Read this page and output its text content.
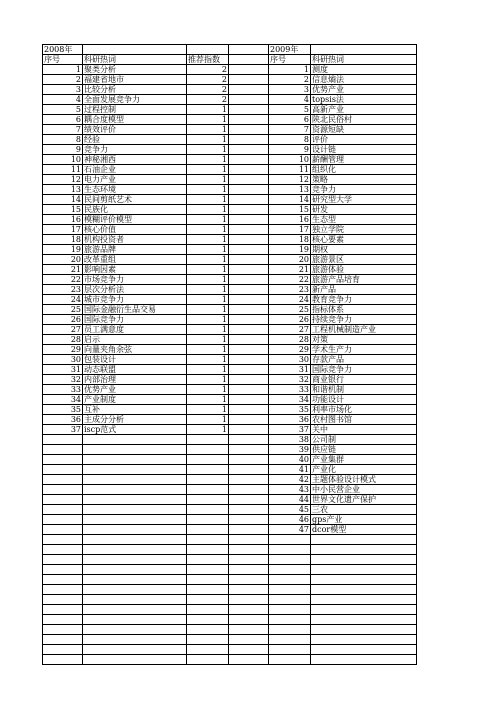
2008年				2009年	
序号	科研热词	推荐指数		序号	科研热词
1	聚类分析	2		1	测度
2	福建省地市	2		2	信息熵法
3	比较分析	2		3	优势产业
4	全面发展竞争力	2		4	topsis法
5	过程控制	1		5	高新产业
6	耦合度模型	1		6	陕北民俗村
7	绩效评价	1		7	资源短缺
8	经验	1		8	评价
9	竞争力	1		9	设计链
10	神秘湘西	1		10	薪酬管理
11	石油企业	1		11	组织化
12	电力产业	1		12	策略
13	生态环境	1		13	竞争力
14	民间剪纸艺术	1		14	研究型大学
15	民族化	1		15	研发
16	模糊评价模型	1		16	生态型
17	核心价值	1		17	独立学院
18	机构投资者	1		18	核心要素
19	旅游品牌	1		19	期权
20	改革重组	1		20	旅游景区
21	影响因素	1		21	旅游体验
22	市场竞争力	1		22	旅游产品培育
23	层次分析法	1		23	新产品
24	城市竞争力	1		24	教育竞争力
25	国际金融衍生品交易	1		25	指标体系
26	国际竞争力	1		26	持续竞争力
27	员工满意度	1		27	工程机械制造产业
28	启示	1		28	对策
29	向量夹角余弦	1		29	学术生产力
30	包装设计	1		30	存款产品
31	动态联盟	1		31	国际竞争力
32	内部治理	1		32	商业银行
33	优势产业	1		33	和谐机制
34	产业制度	1		34	功能设计
35	互补	1		35	利率市场化
36	主成分分析	1		36	农村图书馆
37	iscp范式	1		37	关中
				38	公司制
				39	供应链
				40	产业集群
				41	产业化
				42	主题体验设计模式
				43	中小民营企业
				44	世界文化遗产保护
				45	三农
				46	gps产业
				47	dcor模型
